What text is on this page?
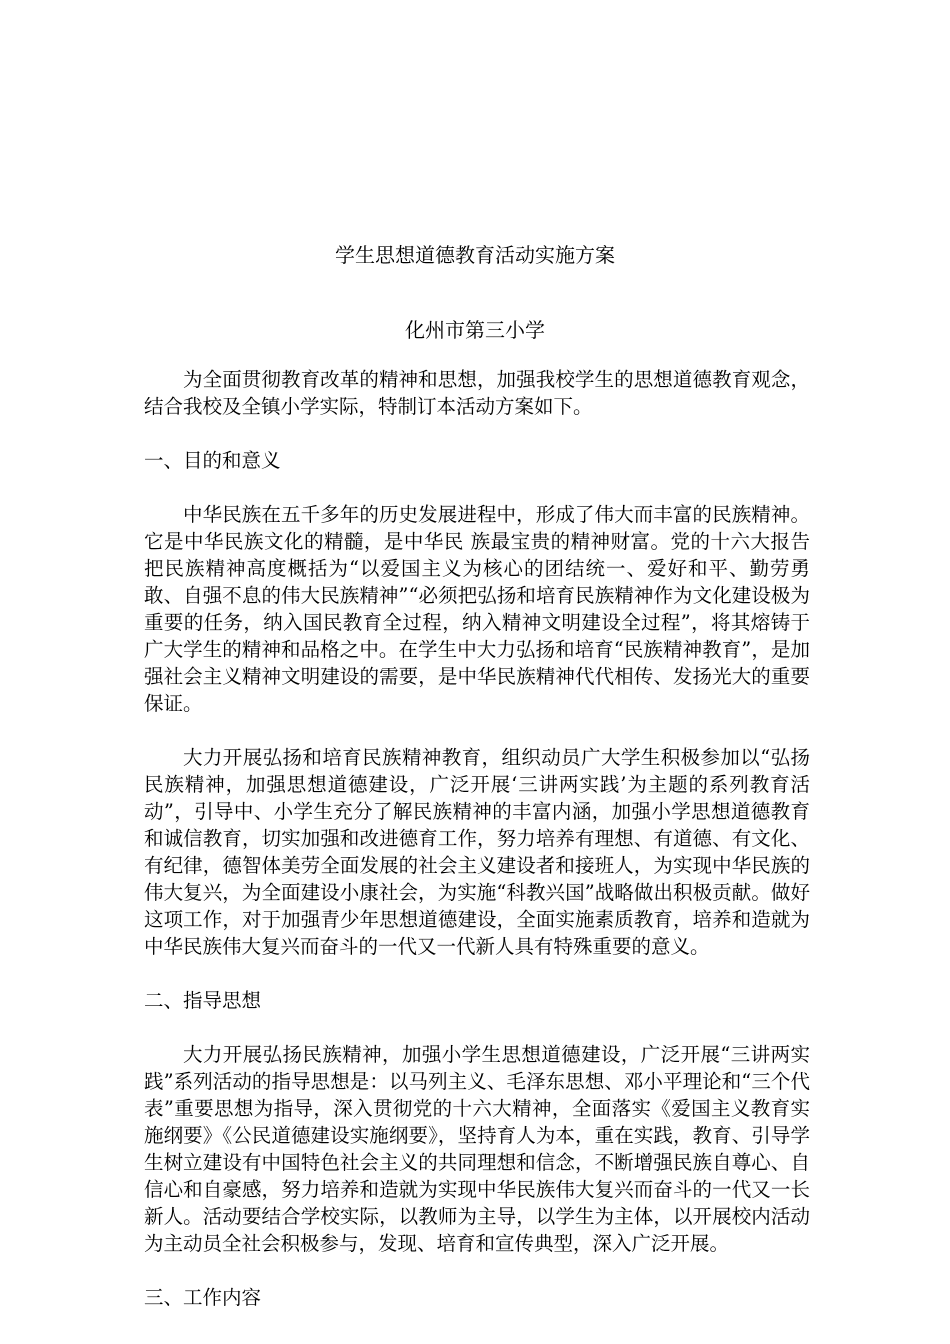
学生思想道德教育活动实施方案
化州市第三小学

为全面贯彻教育改革的精神和思想，加强我校学生的思想道德教育观念，结合我校及全镇小学实际，特制订本活动方案如下。

一、目的和意义

中华民族在五千多年的历史发展进程中，形成了伟大而丰富的民族精神。它是中华民族文化的精髓，是中华民 族最宝贵的精神财富。党的十六大报告把民族精神高度概括为“以爱国主义为核心的团结统一、爱好和平、勤劳勇敢、自强不息的伟大民族精神”“必须把弘扬和培育民族精神作为文化建设极为重要的任务，纳入国民教育全过程，纳入精神文明建设全过程”，将其熔铸于广大学生的精神和品格之中。在学生中大力弘扬和培育“民族精神教育”，是加强社会主义精神文明建设的需要，是中华民族精神代代相传、发扬光大的重要保证。

大力开展弘扬和培育民族精神教育，组织动员广大学生积极参加以“弘扬民族精神，加强思想道德建设，广泛开展‘三讲两实践’为主题的系列教育活动”，引导中、小学生充分了解民族精神的丰富内涵，加强小学思想道德教育和诚信教育，切实加强和改进德育工作，努力培养有理想、有道德、有文化、有纪律，德智体美劳全面发展的社会主义建设者和接班人，为实现中华民族的伟大复兴，为全面建设小康社会，为实施“科教兴国”战略做出积极贡献。做好这项工作，对于加强青少年思想道德建设，全面实施素质教育，培养和造就为中华民族伟大复兴而奋斗的一代又一代新人具有特殊重要的意义。

二、指导思想

大力开展弘扬民族精神，加强小学生思想道德建设，广泛开展“三讲两实践”系列活动的指导思想是：以马列主义、毛泽东思想、邓小平理论和“三个代表”重要思想为指导，深入贯彻党的十六大精神，全面落实《爱国主义教育实施纲要》《公民道德建设实施纲要》，坚持育人为本，重在实践，教育、引导学生树立建设有中国特色社会主义的共同理想和信念，不断增强民族自尊心、自信心和自豪感，努力培养和造就为实现中华民族伟大复兴而奋斗的一代又一长新人。活动要结合学校实际，以教师为主导，以学生为主体，以开展校内活动为主动员全社会积极参与，发现、培育和宣传典型，深入广泛开展。

三、工作内容
